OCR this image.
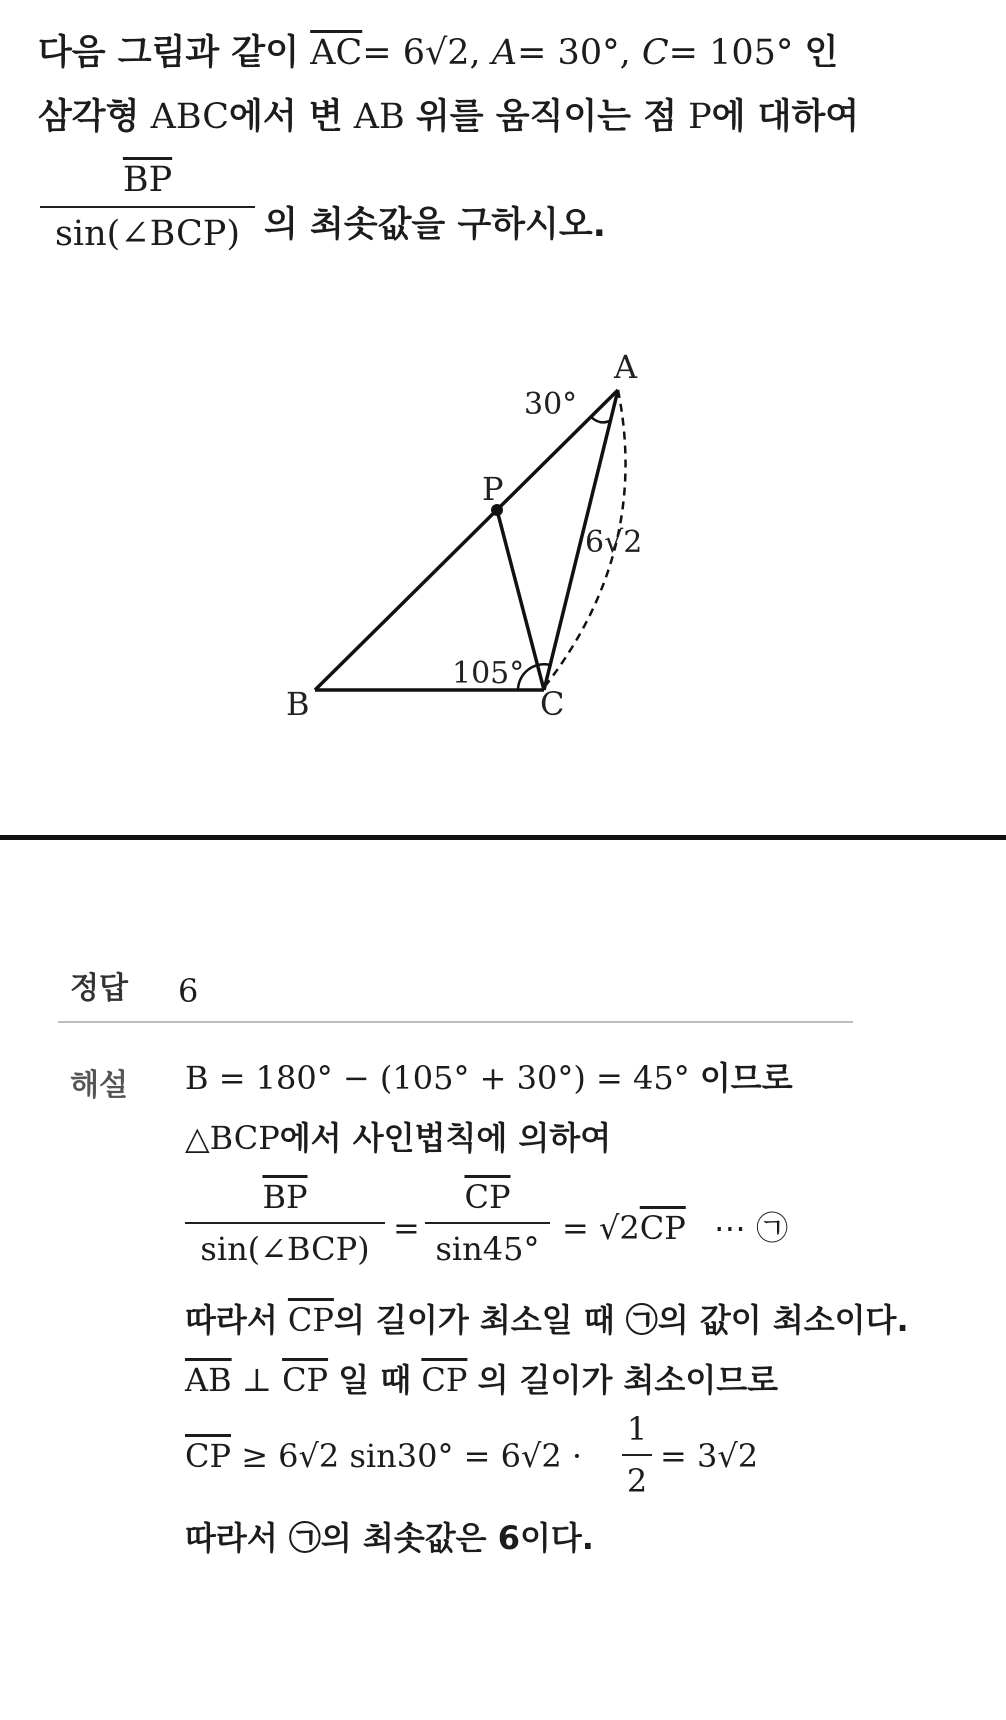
다음 그림과 같이 $\overline{AC}= 6√2$, A= 30°, C= 105° 인
삼각형 ABC에서 변 AB 위를 움직이는 점 P에 대하여
$\overline{BP}$
sin(∠BCP) 의 최솟값을 구하시오.
A
B	C
P
30°
105°
6√2
정답 6
해설 B = 180° − (105° + 30°) = 45° 이므로
△BCP에서 사인법칙에 의하여
$\overline{BP}$
sin(∠BCP)
=
$\overline{CP}$
sin45°
= $√2\overline{CP}$ ⋯ ㉠
따라서 $\overline{CP}$의 길이가 최소일 때 ㉠의 값이 최소이다.
$\overline{AB}$ ⊥ $\overline{CP}$ 일 때 $\overline{CP}$ 의 길이가 최소이므로
$\overline{CP} \ge 6√2$ sin30° = 6√2 ·
1
2
= 3√2
따라서 ㉠의 최솟값은 6이다.
